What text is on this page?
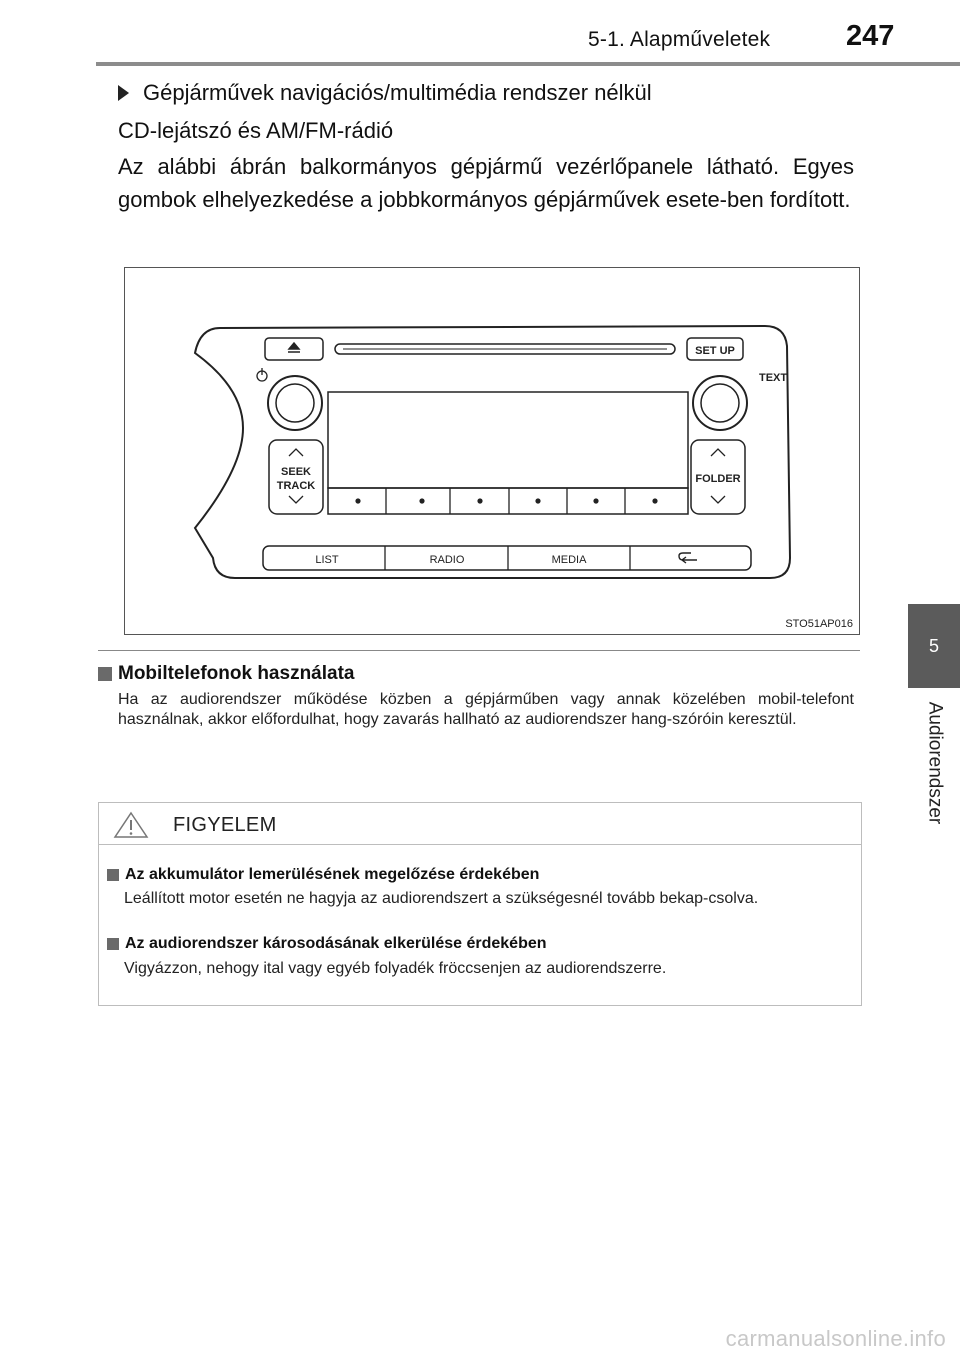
5-1. Alapműveletek	247
5
Audiorendszer
Gépjárművek navigációs/multimédia rendszer nélkül
CD-lejátszó és AM/FM-rádió
Az alábbi ábrán balkormányos gépjármű vezérlőpanele látható. Egyes gombok elhelyezkedése a jobbkormányos gépjárművek esete-ben fordított.
SET UP
TEXT
SEEK
TRACK
FOLDER
LIST	RADIO	MEDIA
STO51AP016
Mobiltelefonok használata
Ha az audiorendszer működése közben a gépjárműben vagy annak közelében mobil-telefont használnak, akkor előfordulhat, hogy zavarás hallható az audiorendszer hang-szóróin keresztül.
FIGYELEM
Az akkumulátor lemerülésének megelőzése érdekében
Leállított motor esetén ne hagyja az audiorendszert a szükségesnél tovább bekap-csolva.
Az audiorendszer károsodásának elkerülése érdekében
Vigyázzon, nehogy ital vagy egyéb folyadék fröccsenjen az audiorendszerre.
carmanualsonline.info
